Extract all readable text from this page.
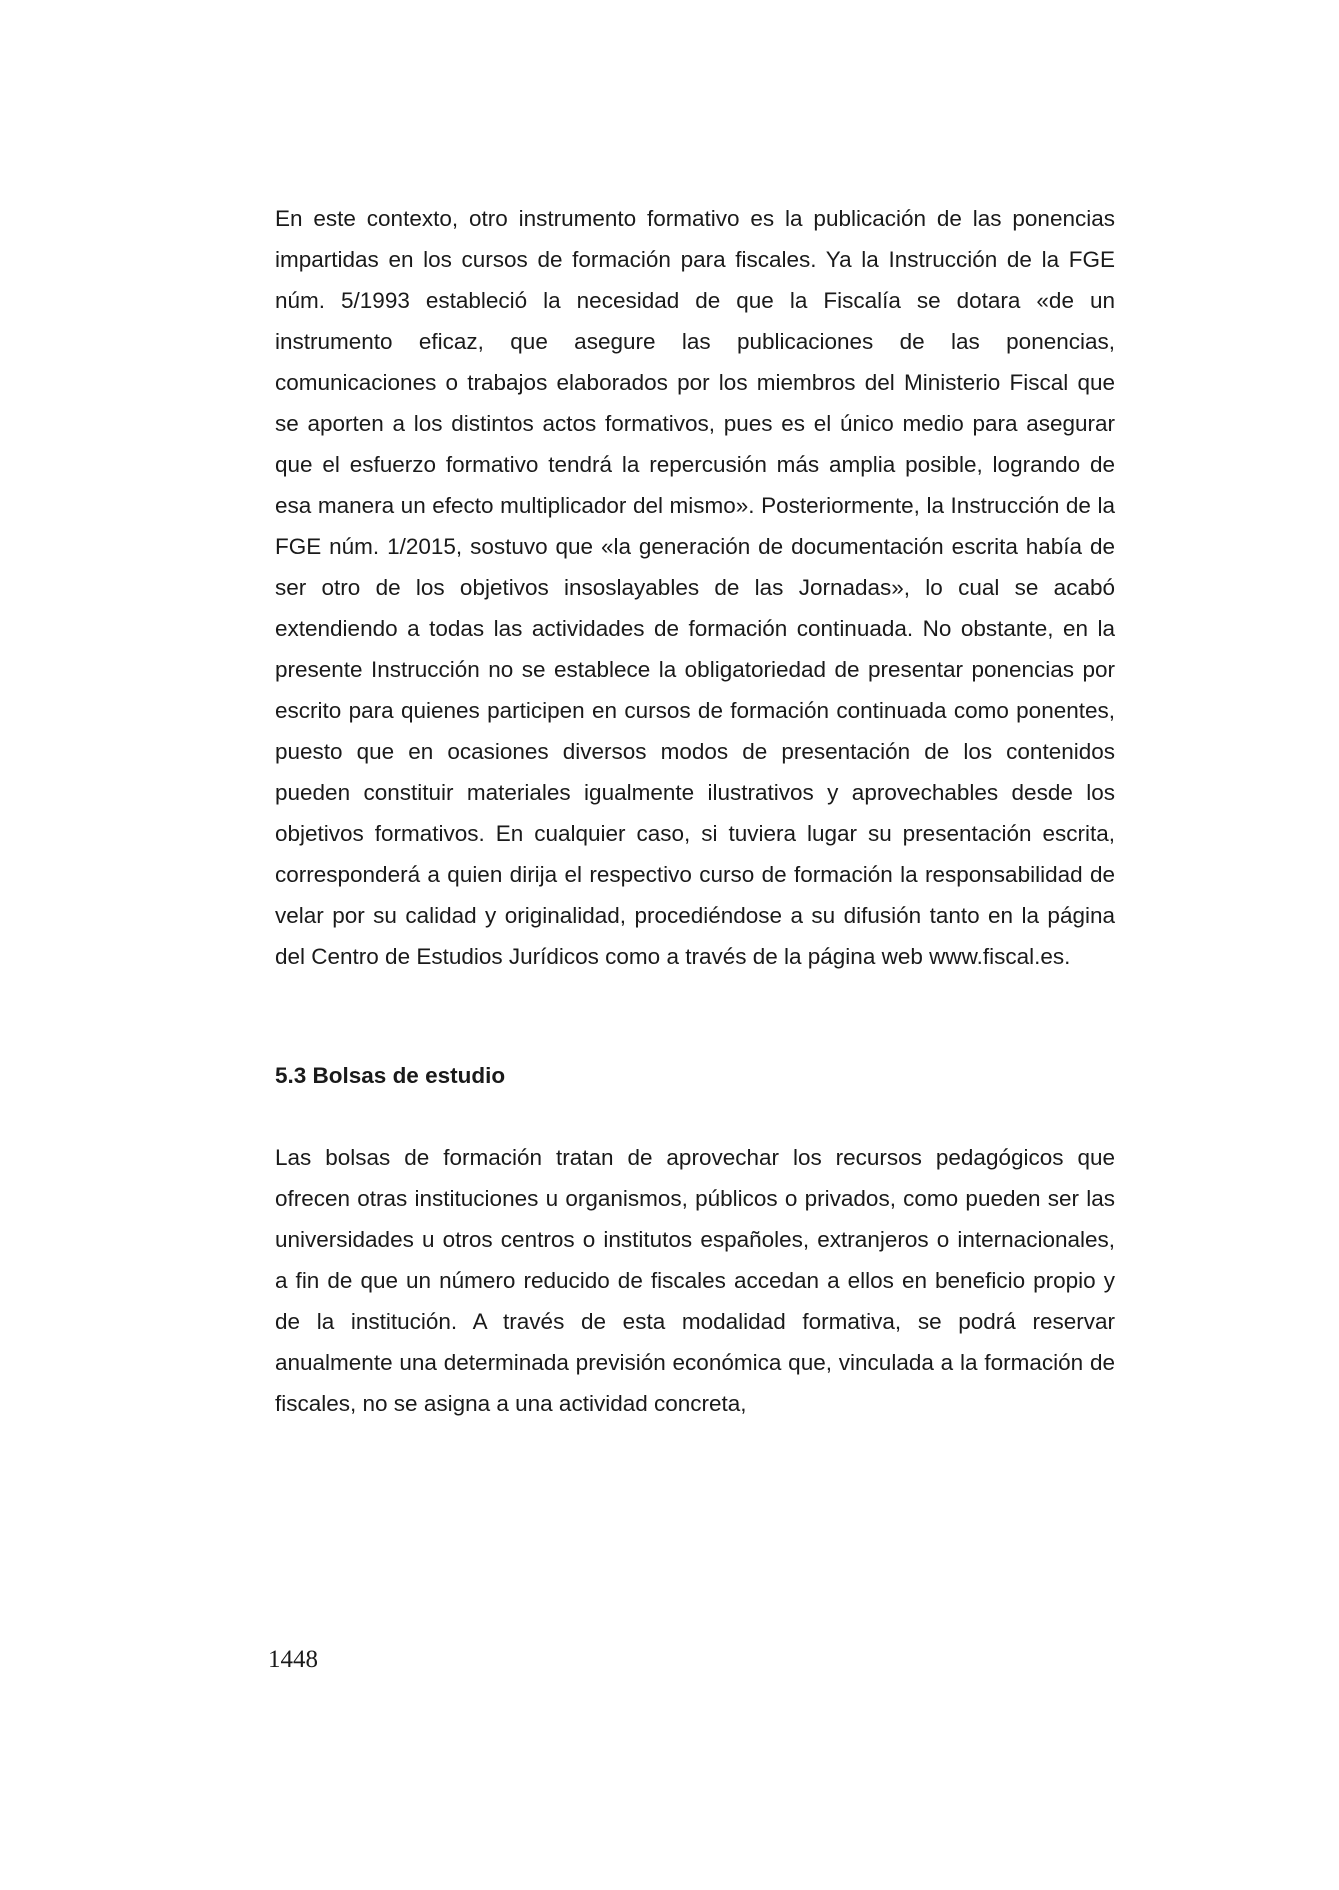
En este contexto, otro instrumento formativo es la publicación de las ponencias impartidas en los cursos de formación para fiscales. Ya la Instrucción de la FGE núm. 5/1993 estableció la necesidad de que la Fiscalía se dotara «de un instrumento eficaz, que asegure las publicaciones de las ponencias, comunicaciones o trabajos elaborados por los miembros del Ministerio Fiscal que se aporten a los distintos actos formativos, pues es el único medio para asegurar que el esfuerzo formativo tendrá la repercusión más amplia posible, logrando de esa manera un efecto multiplicador del mismo». Posteriormente, la Instrucción de la FGE núm. 1/2015, sostuvo que «la generación de documentación escrita había de ser otro de los objetivos insoslayables de las Jornadas», lo cual se acabó extendiendo a todas las actividades de formación continuada. No obstante, en la presente Instrucción no se establece la obligatoriedad de presentar ponencias por escrito para quienes participen en cursos de formación continuada como ponentes, puesto que en ocasiones diversos modos de presentación de los contenidos pueden constituir materiales igualmente ilustrativos y aprovechables desde los objetivos formativos. En cualquier caso, si tuviera lugar su presentación escrita, corresponderá a quien dirija el respectivo curso de formación la responsabilidad de velar por su calidad y originalidad, procediéndose a su difusión tanto en la página del Centro de Estudios Jurídicos como a través de la página web www.fiscal.es.

5.3 Bolsas de estudio

Las bolsas de formación tratan de aprovechar los recursos pedagógicos que ofrecen otras instituciones u organismos, públicos o privados, como pueden ser las universidades u otros centros o institutos españoles, extranjeros o internacionales, a fin de que un número reducido de fiscales accedan a ellos en beneficio propio y de la institución. A través de esta modalidad formativa, se podrá reservar anualmente una determinada previsión económica que, vinculada a la formación de fiscales, no se asigna a una actividad concreta,

1448
